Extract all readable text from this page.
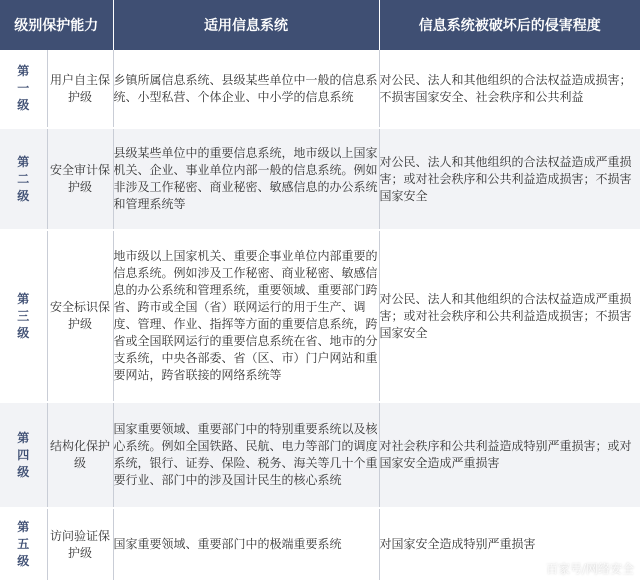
级别保护能力		适用信息系统	信息系统被破坏后的侵害程度
第一级	用户自主保护级	乡镇所属信息系统、县级某些单位中一般的信息系统、小型私营、个体企业、中小学的信息系统	对公民、法人和其他组织的合法权益造成损害；不损害国家安全、社会秩序和公共利益
第二级	安全审计保护级	县级某些单位中的重要信息系统，地市级以上国家机关、企业、事业单位内部一般的信息系统。例如非涉及工作秘密、商业秘密、敏感信息的办公系统和管理系统等	对公民、法人和其他组织的合法权益造成严重损害；或对社会秩序和公共利益造成损害；不损害国家安全
第三级	安全标识保护级	地市级以上国家机关、重要企事业单位内部重要的信息系统。例如涉及工作秘密、商业秘密、敏感信息的办公系统和管理系统，重要领域、重要部门跨省、跨市或全国（省）联网运行的用于生产、调度、管理、作业、指挥等方面的重要信息系统，跨省或全国联网运行的重要信息系统在省、地市的分支系统，中央各部委、省（区、市）门户网站和重要网站，跨省联接的网络系统等	对公民、法人和其他组织的合法权益造成严重损害；或对社会秩序和公共利益造成损害；不损害国家安全
第四级	结构化保护级	国家重要领域、重要部门中的特别重要系统以及核心系统。例如全国铁路、民航、电力等部门的调度系统，银行、证券、保险、税务、海关等几十个重要行业、部门中的涉及国计民生的核心系统	对社会秩序和公共利益造成特别严重损害；或对国家安全造成严重损害
第五级	访问验证保护级	国家重要领域、重要部门中的极端重要系统	对国家安全造成特别严重损害
百家号/网络安全
